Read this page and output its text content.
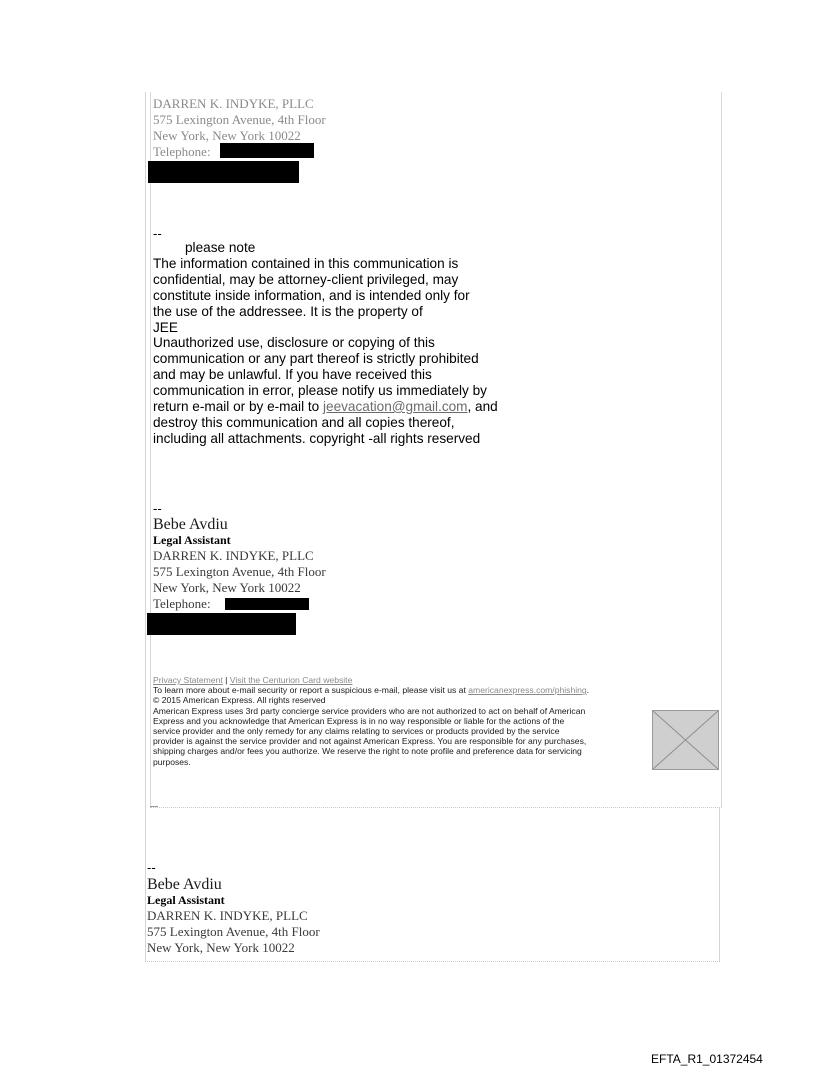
DARREN K. INDYKE, PLLC
575 Lexington Avenue, 4th Floor
New York, New York 10022
Telephone:
--
please note
The information contained in this communication is
confidential, may be attorney-client privileged, may
constitute inside information, and is intended only for
the use of the addressee. It is the property of
JEE
Unauthorized use, disclosure or copying of this
communication or any part thereof is strictly prohibited
and may be unlawful. If you have received this
communication in error, please notify us immediately by
return e-mail or by e-mail to jeevacation@gmail.com, and
destroy this communication and all copies thereof,
including all attachments. copyright -all rights reserved
--
Bebe Avdiu
Legal Assistant
DARREN K. INDYKE, PLLC
575 Lexington Avenue, 4th Floor
New York, New York 10022
Telephone:
Privacy Statement | Visit the Centurion Card website
To learn more about e-mail security or report a suspicious e-mail, please visit us at americanexpress.com/phishing.
© 2015 American Express. All rights reserved
American Express uses 3rd party concierge service providers who are not authorized to act on behalf of American
Express and you acknowledge that American Express is in no way responsible or liable for the actions of the
service provider and the only remedy for any claims relating to services or products provided by the service
provider is against the service provider and not against American Express. You are responsible for any purchases,
shipping charges and/or fees you authorize. We reserve the right to note profile and preference data for servicing
purposes.
--
Bebe Avdiu
Legal Assistant
DARREN K. INDYKE, PLLC
575 Lexington Avenue, 4th Floor
New York, New York 10022
EFTA_R1_01372454
